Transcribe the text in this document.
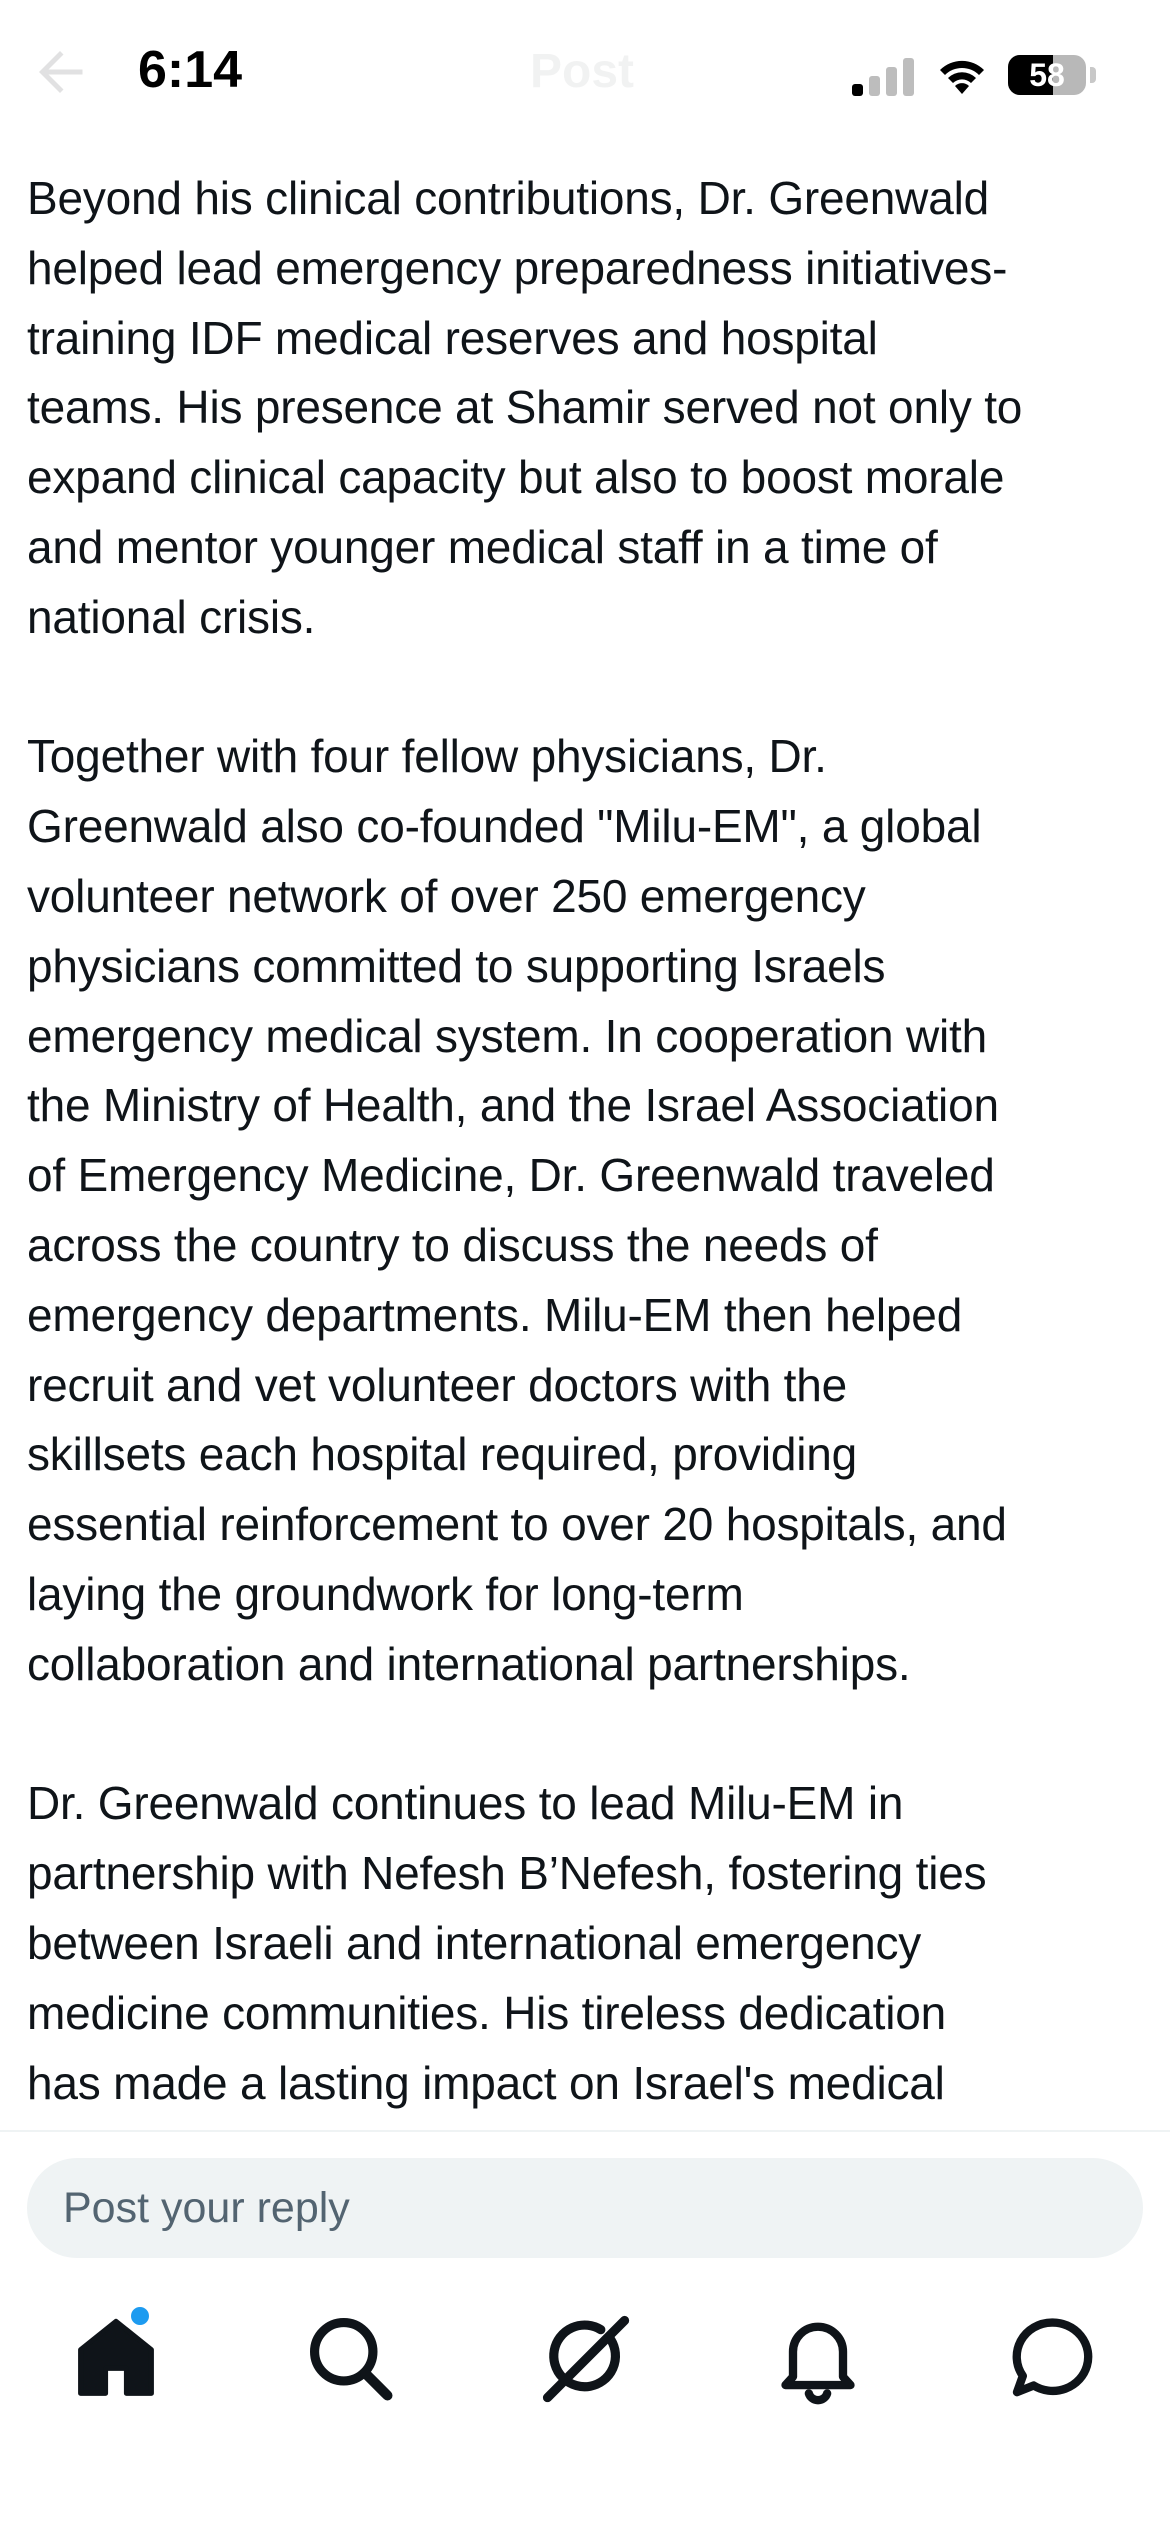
6:14	Post	58

Beyond his clinical contributions, Dr. Greenwald
helped lead emergency preparedness initiatives-
training IDF medical reserves and hospital
teams. His presence at Shamir served not only to
expand clinical capacity but also to boost morale
and mentor younger medical staff in a time of
national crisis.

Together with four fellow physicians, Dr.
Greenwald also co-founded "Milu-EM", a global
volunteer network of over 250 emergency
physicians committed to supporting Israels
emergency medical system. In cooperation with
the Ministry of Health, and the Israel Association
of Emergency Medicine, Dr. Greenwald traveled
across the country to discuss the needs of
emergency departments. Milu-EM then helped
recruit and vet volunteer doctors with the
skillsets each hospital required, providing
essential reinforcement to over 20 hospitals, and
laying the groundwork for long-term
collaboration and international partnerships.

Dr. Greenwald continues to lead Milu-EM in
partnership with Nefesh B’Nefesh, fostering ties
between Israeli and international emergency
medicine communities. His tireless dedication
has made a lasting impact on Israel's medical

Post your reply
